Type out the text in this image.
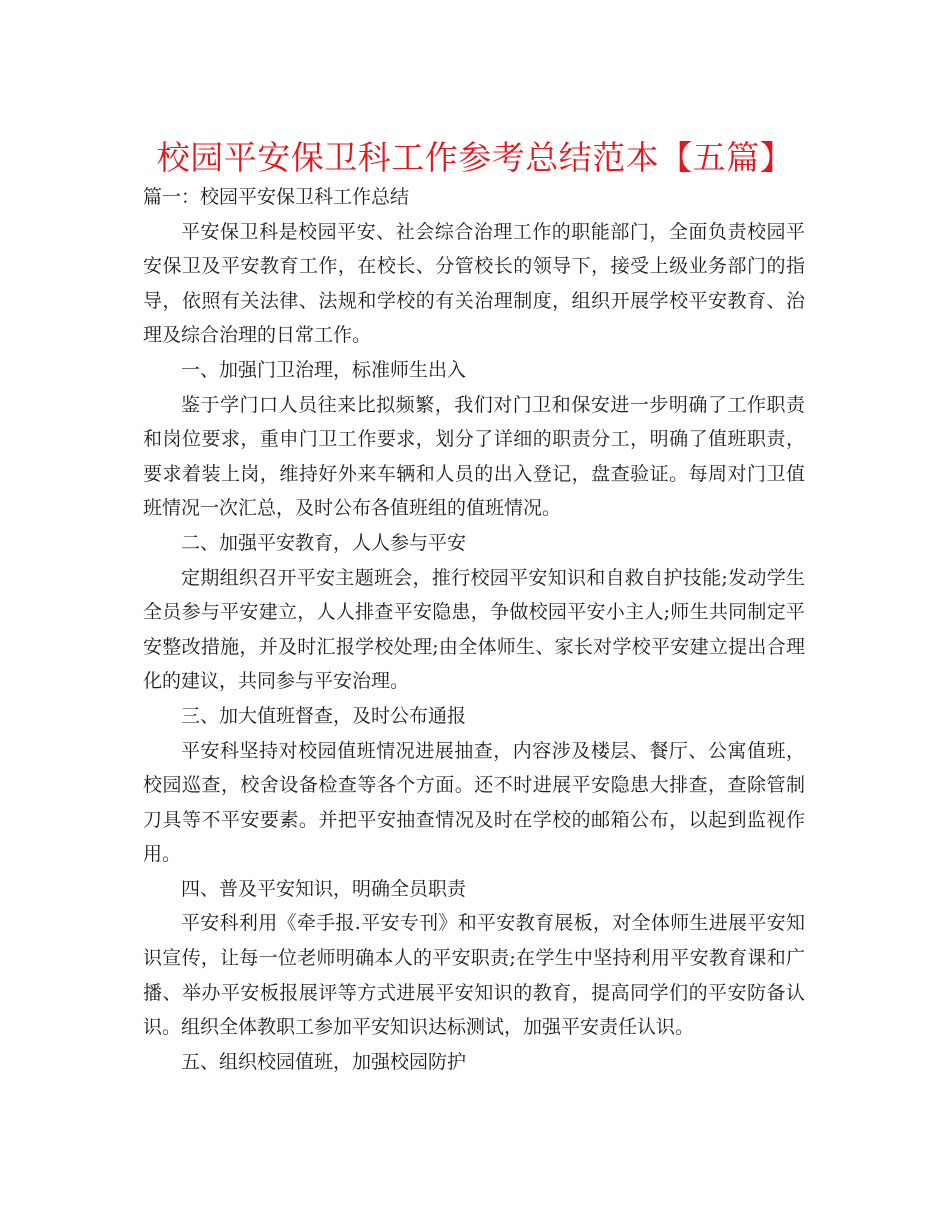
校园平安保卫科工作参考总结范本【五篇】

篇一：校园平安保卫科工作总结

平安保卫科是校园平安、社会综合治理工作的职能部门，全面负责校园平安保卫及平安教育工作，在校长、分管校长的领导下，接受上级业务部门的指导，依照有关法律、法规和学校的有关治理制度，组织开展学校平安教育、治理及综合治理的日常工作。

一、加强门卫治理，标准师生出入

鉴于学门口人员往来比拟频繁，我们对门卫和保安进一步明确了工作职责和岗位要求，重申门卫工作要求，划分了详细的职责分工，明确了值班职责，要求着装上岗，维持好外来车辆和人员的出入登记，盘查验证。每周对门卫值班情况一次汇总，及时公布各值班组的值班情况。

二、加强平安教育，人人参与平安

定期组织召开平安主题班会，推行校园平安知识和自救自护技能;发动学生全员参与平安建立，人人排查平安隐患，争做校园平安小主人;师生共同制定平安整改措施，并及时汇报学校处理;由全体师生、家长对学校平安建立提出合理化的建议，共同参与平安治理。

三、加大值班督查，及时公布通报

平安科坚持对校园值班情况进展抽查，内容涉及楼层、餐厅、公寓值班，校园巡查，校舍设备检查等各个方面。还不时进展平安隐患大排查，查除管制刀具等不平安要素。并把平安抽查情况及时在学校的邮箱公布，以起到监视作用。

四、普及平安知识，明确全员职责

平安科利用《牵手报.平安专刊》和平安教育展板，对全体师生进展平安知识宣传，让每一位老师明确本人的平安职责;在学生中坚持利用平安教育课和广播、举办平安板报展评等方式进展平安知识的教育，提高同学们的平安防备认识。组织全体教职工参加平安知识达标测试，加强平安责任认识。

五、组织校园值班，加强校园防护
